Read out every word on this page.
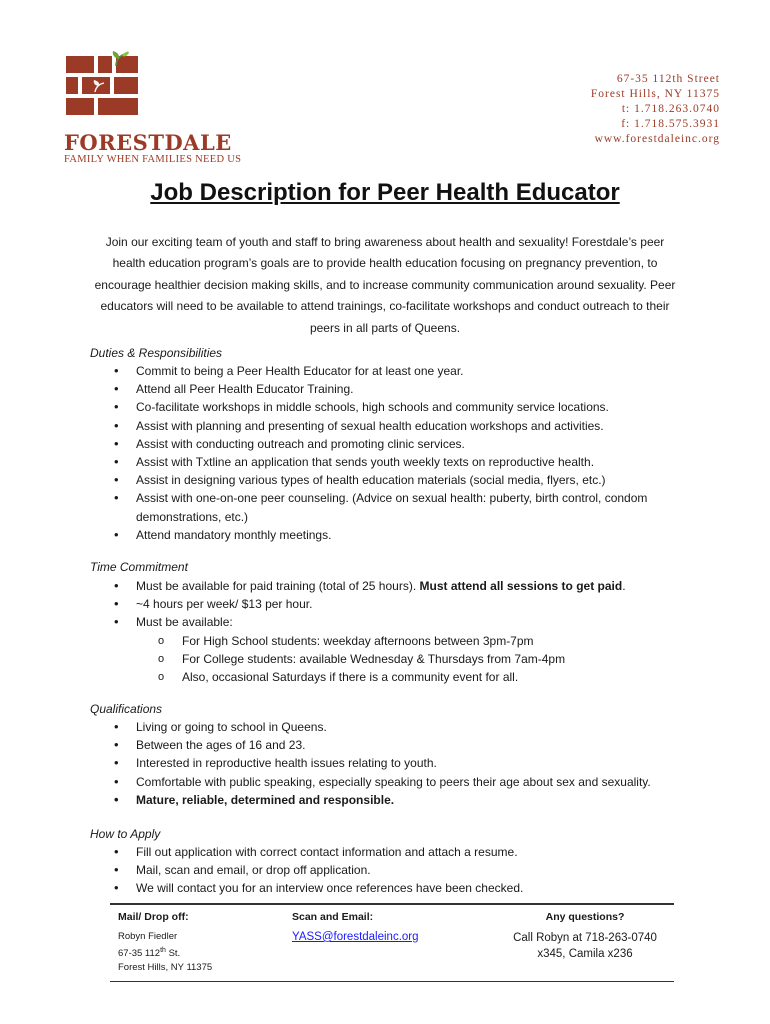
FORESTDALE
FAMILY WHEN FAMILIES NEED US
67-35 112th Street
Forest Hills, NY 11375
t: 1.718.263.0740
f: 1.718.575.3931
www.forestdaleinc.org
Job Description for Peer Health Educator
Join our exciting team of youth and staff to bring awareness about health and sexuality! Forestdale’s peer health education program’s goals are to provide health education focusing on pregnancy prevention, to encourage healthier decision making skills, and to increase community communication around sexuality. Peer educators will need to be available to attend trainings, co-facilitate workshops and conduct outreach to their peers in all parts of Queens.
Duties & Responsibilities
• Commit to being a Peer Health Educator for at least one year.
• Attend all Peer Health Educator Training.
• Co-facilitate workshops in middle schools, high schools and community service locations.
• Assist with planning and presenting of sexual health education workshops and activities.
• Assist with conducting outreach and promoting clinic services.
• Assist with Txtline an application that sends youth weekly texts on reproductive health.
• Assist in designing various types of health education materials (social media, flyers, etc.)
• Assist with one-on-one peer counseling. (Advice on sexual health: puberty, birth control, condom demonstrations, etc.)
• Attend mandatory monthly meetings.
Time Commitment
• Must be available for paid training (total of 25 hours). Must attend all sessions to get paid.
• ~4 hours per week/ $13 per hour.
• Must be available:
o For High School students: weekday afternoons between 3pm-7pm
o For College students: available Wednesday & Thursdays from 7am-4pm
o Also, occasional Saturdays if there is a community event for all.
Qualifications
• Living or going to school in Queens.
• Between the ages of 16 and 23.
• Interested in reproductive health issues relating to youth.
• Comfortable with public speaking, especially speaking to peers their age about sex and sexuality.
• Mature, reliable, determined and responsible.
How to Apply
• Fill out application with correct contact information and attach a resume.
• Mail, scan and email, or drop off application.
• We will contact you for an interview once references have been checked.
Mail/ Drop off:
Robyn Fiedler
67-35 112th St.
Forest Hills, NY 11375
Scan and Email:
YASS@forestdaleinc.org
Any questions?
Call Robyn at 718-263-0740
x345, Camila x236
